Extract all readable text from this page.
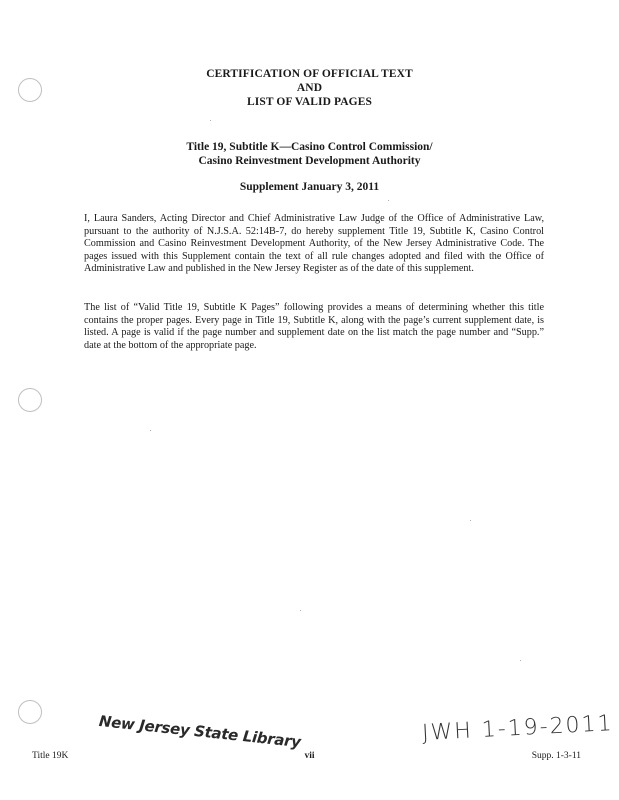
CERTIFICATION OF OFFICIAL TEXT
AND
LIST OF VALID PAGES
Title 19, Subtitle K—Casino Control Commission/
Casino Reinvestment Development Authority
Supplement January 3, 2011

I, Laura Sanders, Acting Director and Chief Administrative Law Judge of the Office of Administrative Law, pursuant to the authority of N.J.S.A. 52:14B-7, do hereby supplement Title 19, Subtitle K, Casino Control Commission and Casino Reinvestment Development Authority, of the New Jersey Administrative Code. The pages issued with this Supplement contain the text of all rule changes adopted and filed with the Office of Administrative Law and published in the New Jersey Register as of the date of this supplement.

The list of “Valid Title 19, Subtitle K Pages” following provides a means of determining whether this title contains the proper pages. Every page in Title 19, Subtitle K, along with the page’s current supplement date, is listed. A page is valid if the page number and supplement date on the list match the page number and “Supp.” date at the bottom of the appropriate page.

New Jersey State Library	JWH 1-19-2011
Title 19K	vii	Supp. 1-3-11
